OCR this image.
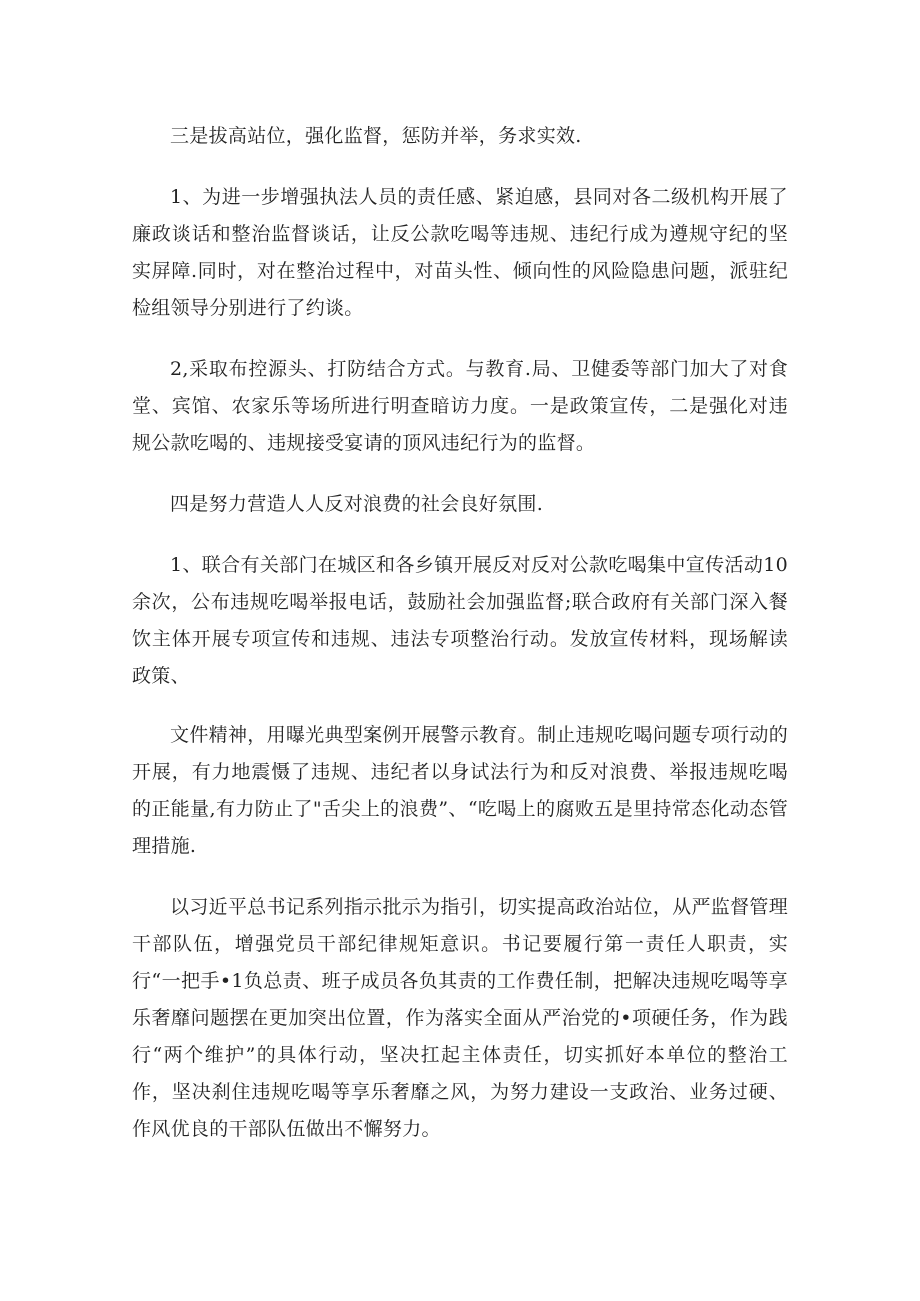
三是拔高站位，强化监督，惩防并举，务求实效.

1、为进一步增强执法人员的责任感、紧迫感，县同对各二级机构开展了廉政谈话和整治监督谈话，让反公款吃喝等违规、违纪行成为遵规守纪的坚实屏障.同时，对在整治过程中，对苗头性、倾向性的风险隐患问题，派驻纪检组领导分别进行了约谈。

2,采取布控源头、打防结合方式。与教育.局、卫健委等部门加大了对食堂、宾馆、农家乐等场所进行明查暗访力度。一是政策宣传，二是强化对违规公款吃喝的、违规接受宴请的顶风违纪行为的监督。

四是努力营造人人反对浪费的社会良好氛围.

1、联合有关部门在城区和各乡镇开展反对反对公款吃喝集中宣传活动10余次，公布违规吃喝举报电话，鼓励社会加强监督;联合政府有关部门深入餐饮主体开展专项宣传和违规、违法专项整治行动。发放宣传材料，现场解读政策、

文件精神，用曝光典型案例开展警示教育。制止违规吃喝问题专项行动的开展，有力地震慑了违规、违纪者以身试法行为和反对浪费、举报违规吃喝的正能量,有力防止了"舌尖上的浪费”、“吃喝上的腐败五是里持常态化动态管理措施.

以习近平总书记系列指示批示为指引，切实提高政治站位，从严监督管理干部队伍，增强党员干部纪律规矩意识。书记要履行第一责任人职责，实行“一把手•1负总责、班子成员各负其责的工作费任制，把解决违规吃喝等享乐奢靡问题摆在更加突出位置，作为落实全面从严治党的•项硬任务，作为践行“两个维护”的具体行动，坚决扛起主体责任，切实抓好本单位的整治工作，坚决刹住违规吃喝等享乐奢靡之风，为努力建设一支政治、业务过硬、作风优良的干部队伍做出不懈努力。
